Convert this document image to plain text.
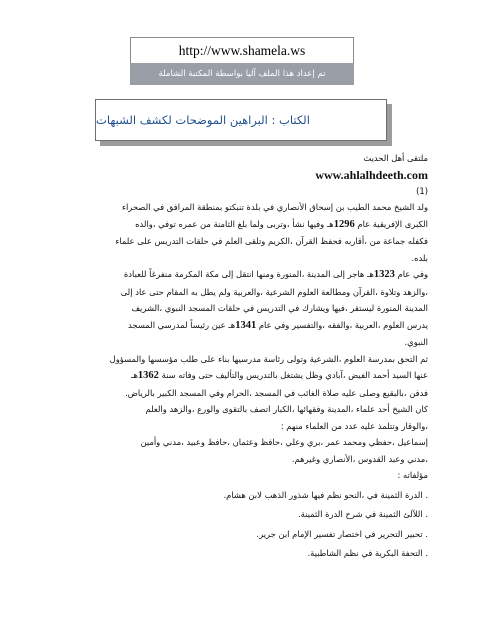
http://www.shamela.ws
تم إعداد هذا الملف آليا بواسطة المكتبة الشاملة
الكتاب : البراهين الموضحات لكشف الشبهات
ملتقى أهل الحديث
www.ahlalhdeeth.com
(1)

ولد الشيخ محمد الطيب بن إسحاق الأنصاري في بلدة تنبكتو بمنطقة المرافق في الصحراء
الكبرى الإفريقية عام 1296هـ وفيها نشأ ،وتربى ولما بلغ الثامنة من عمره توفي ،والده
فكفله جماعة من ،أقاربه فحفظ القرآن ،الكريم وتلقى العلم في حلقات التدريس على علماء
بلده.

وفي عام 1323هـ هاجر إلى المدينة ،المنورة ومنها انتقل إلى مكة المكرمة منفرغاً للعبادة
،والزهد وتلاوة ،القرآن ومطالعة العلوم الشرعية ،والعربية ولم يطل به المقام حتى عاد إلى
المدينة المنورة ليستقر ،فيها ويشارك في التدريس في حلقات المسجد النبوي ،الشريف
يدرس العلوم ،العربية ،والفقه ،والتفسير وفي عام 1341هـ عين رئيساً لمدرسي المسجد
النبوي.

ثم التحق بمدرسة العلوم ،الشرعية وتولى رئاسة مدرسيها بناء على طلب مؤسسها والمسؤول
عنها السيد أحمد الفيض ،آبادي وظل يشتغل بالتدريس والتأليف حتى وفاته سنة 1362هـ
فدفن ،بالبقيع وصلى عليه صلاة الغائب في المسجد ،الحرام وفي المسجد الكبير بالرياض.

كان الشيخ أحد علماء ،المدينة وفقهائها ،الكبار اتصف بالتقوى والورع ،والزهد والعلم
،والوقار وتتلمذ عليه عدد من العلماء منهم :

إسماعيل ،حفظي ومحمد عمر ،بري وعلي ،حافظ وعثمان ،حافظ وعبيد ،مدني وأمين
،مدني وعبد القدوس ،الأنصاري وغيرهم.

مؤلفاته :
. الدرة الثمينة في ،النحو نظم فيها شذور الذهب لابن هشام.
. اللآلئ الثمينة في شرح الدرة الثمينة.
. تحبير التحرير في اختصار تفسير الإمام ابن جرير.
. التحفة البكرية في نظم الشاطبية.
